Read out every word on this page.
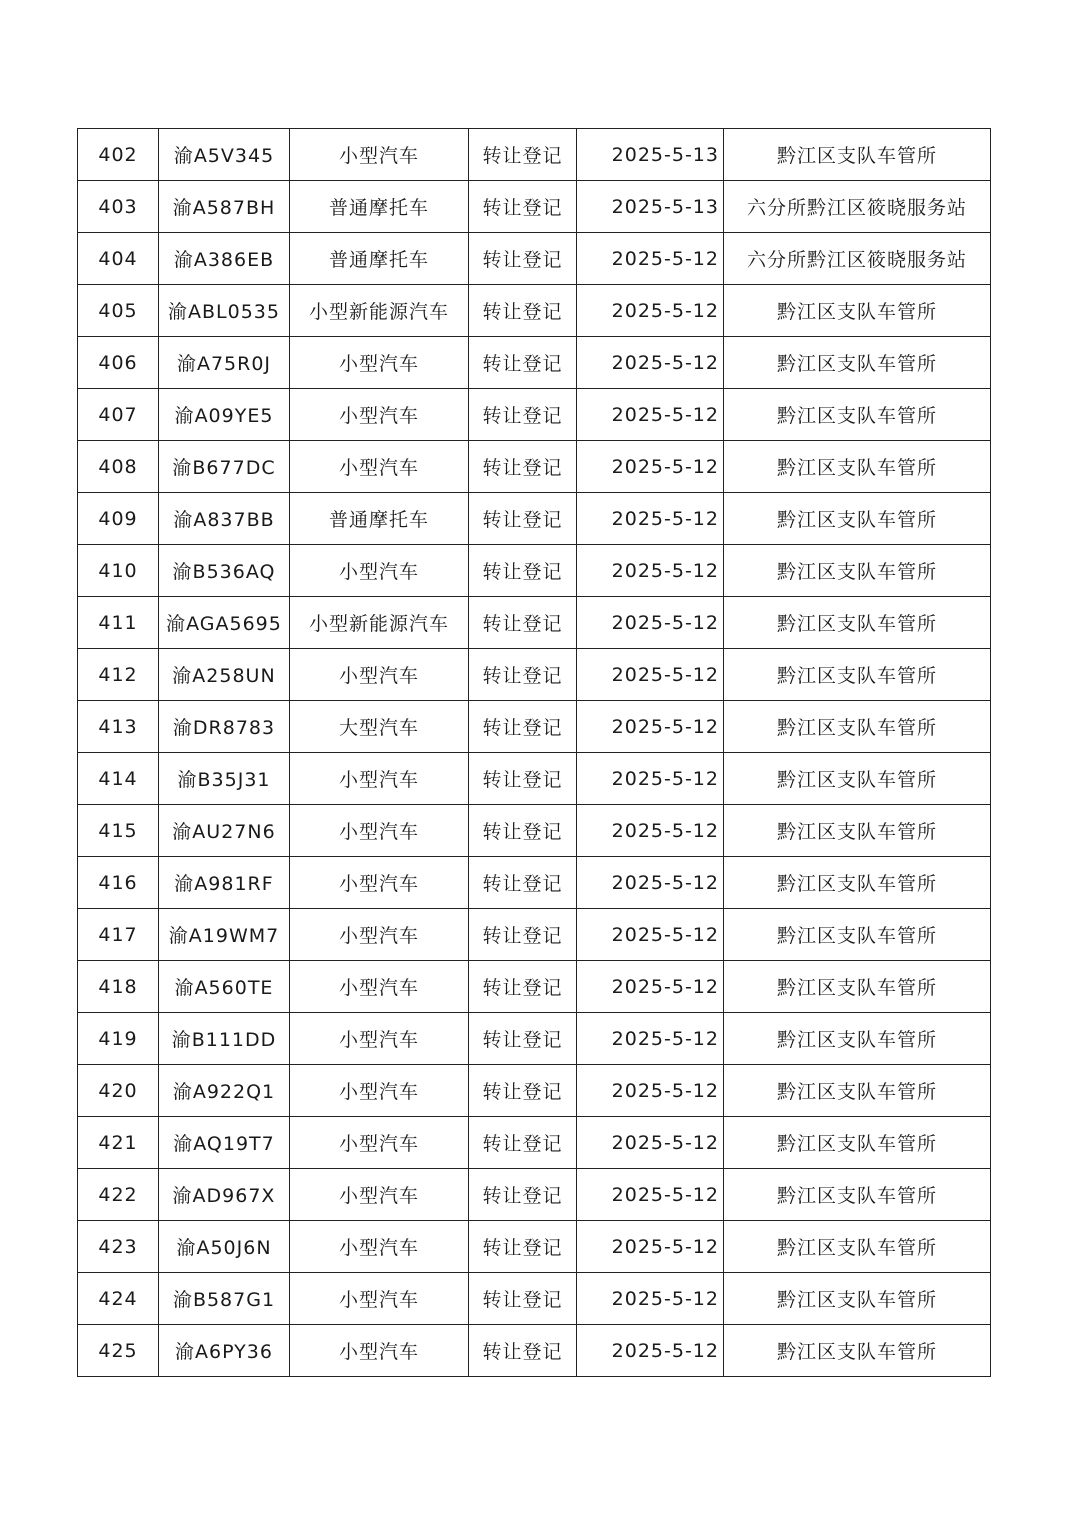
402	渝A5V345	小型汽车	转让登记	2025-5-13	黔江区支队车管所
403	渝A587BH	普通摩托车	转让登记	2025-5-13	六分所黔江区筱晓服务站
404	渝A386EB	普通摩托车	转让登记	2025-5-12	六分所黔江区筱晓服务站
405	渝ABL0535	小型新能源汽车	转让登记	2025-5-12	黔江区支队车管所
406	渝A75R0J	小型汽车	转让登记	2025-5-12	黔江区支队车管所
407	渝A09YE5	小型汽车	转让登记	2025-5-12	黔江区支队车管所
408	渝B677DC	小型汽车	转让登记	2025-5-12	黔江区支队车管所
409	渝A837BB	普通摩托车	转让登记	2025-5-12	黔江区支队车管所
410	渝B536AQ	小型汽车	转让登记	2025-5-12	黔江区支队车管所
411	渝AGA5695	小型新能源汽车	转让登记	2025-5-12	黔江区支队车管所
412	渝A258UN	小型汽车	转让登记	2025-5-12	黔江区支队车管所
413	渝DR8783	大型汽车	转让登记	2025-5-12	黔江区支队车管所
414	渝B35J31	小型汽车	转让登记	2025-5-12	黔江区支队车管所
415	渝AU27N6	小型汽车	转让登记	2025-5-12	黔江区支队车管所
416	渝A981RF	小型汽车	转让登记	2025-5-12	黔江区支队车管所
417	渝A19WM7	小型汽车	转让登记	2025-5-12	黔江区支队车管所
418	渝A560TE	小型汽车	转让登记	2025-5-12	黔江区支队车管所
419	渝B111DD	小型汽车	转让登记	2025-5-12	黔江区支队车管所
420	渝A922Q1	小型汽车	转让登记	2025-5-12	黔江区支队车管所
421	渝AQ19T7	小型汽车	转让登记	2025-5-12	黔江区支队车管所
422	渝AD967X	小型汽车	转让登记	2025-5-12	黔江区支队车管所
423	渝A50J6N	小型汽车	转让登记	2025-5-12	黔江区支队车管所
424	渝B587G1	小型汽车	转让登记	2025-5-12	黔江区支队车管所
425	渝A6PY36	小型汽车	转让登记	2025-5-12	黔江区支队车管所
